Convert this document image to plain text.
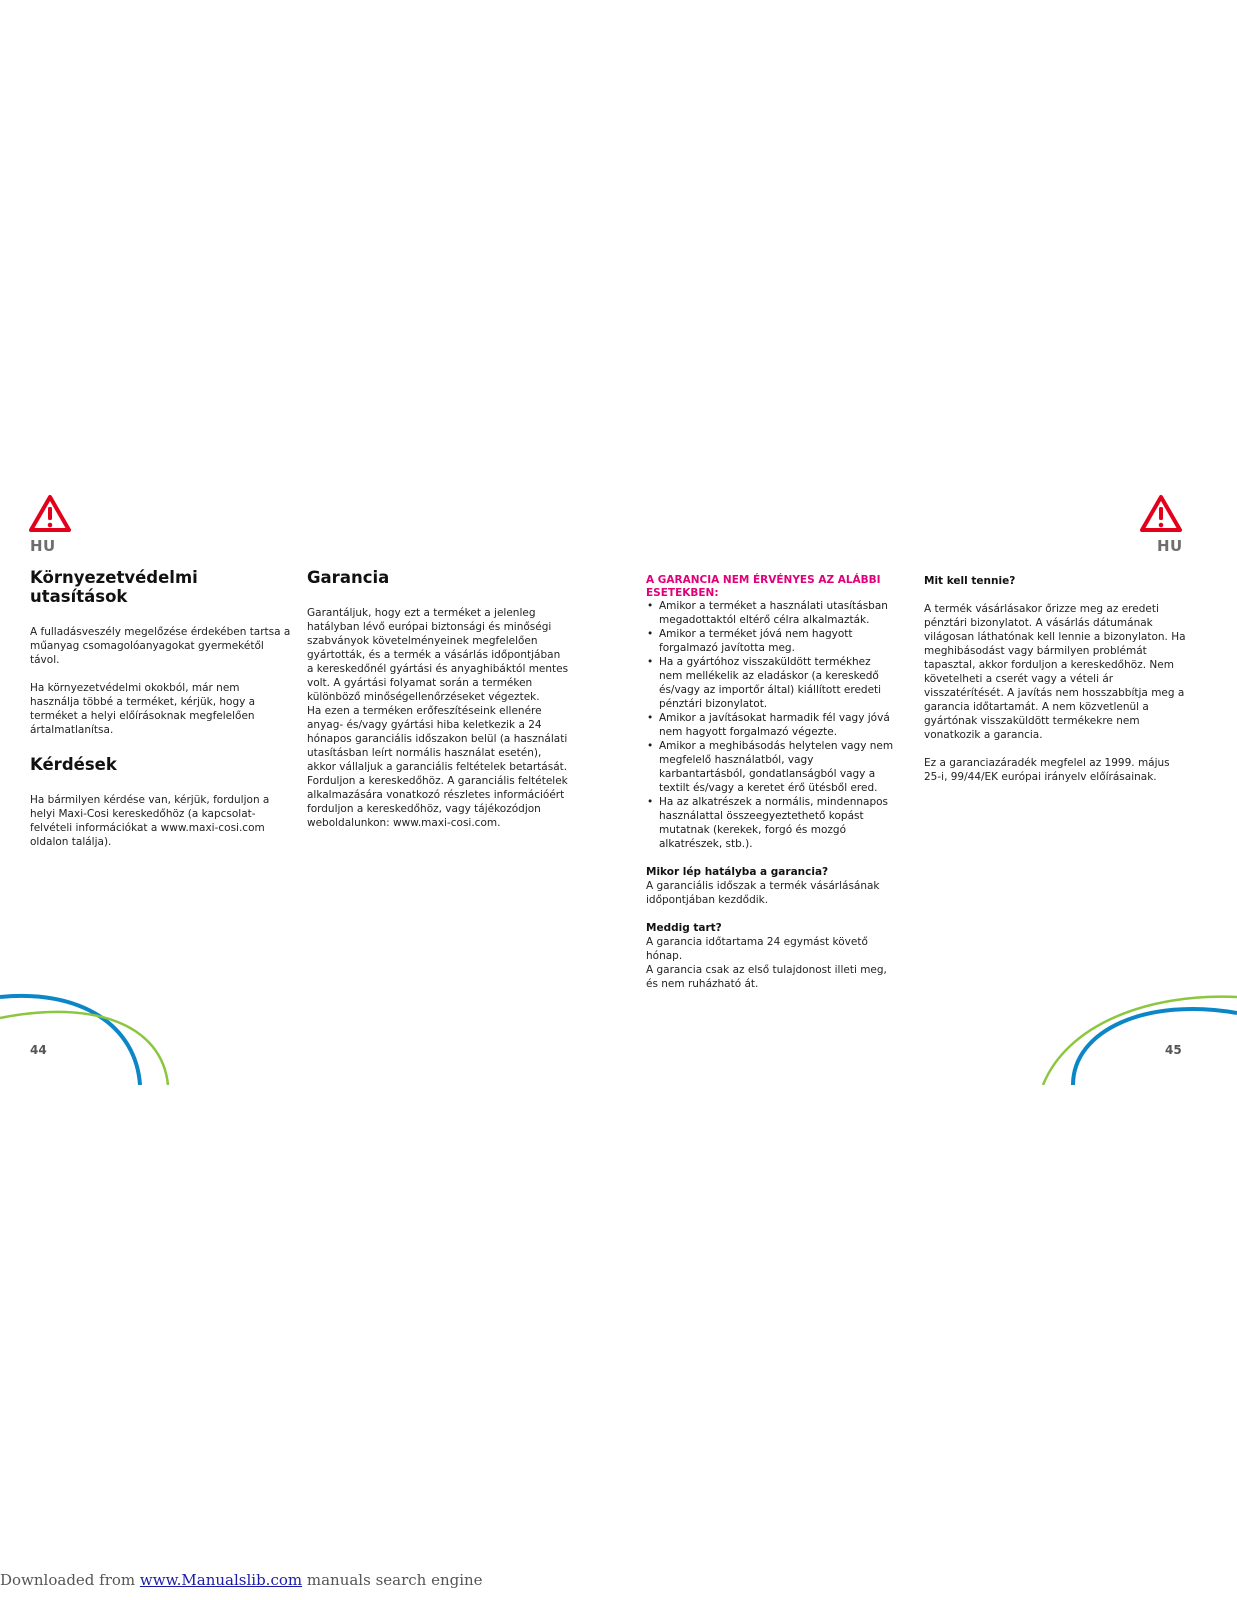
HU	HU
Környezetvédelmi utasítások

A fulladásveszély megelőzése érdekében tartsa a műanyag csomagolóanyagokat gyermekétől távol.

Ha környezetvédelmi okokból, már nem használja többé a terméket, kérjük, hogy a terméket a helyi előírásoknak megfelelően ártalmatlanítsa.

Kérdések

Ha bármilyen kérdése van, kérjük, forduljon a helyi Maxi-Cosi kereskedőhöz (a kapcsolat-felvételi információkat a www.maxi-cosi.com oldalon találja).

Garancia

Garantáljuk, hogy ezt a terméket a jelenleg hatályban lévő európai biztonsági és minőségi szabványok követelményeinek megfelelően gyártották, és a termék a vásárlás időpontjában a kereskedőnél gyártási és anyaghibáktól mentes volt. A gyártási folyamat során a terméken különböző minőségellenőrzéseket végeztek.

Ha ezen a terméken erőfeszítéseink ellenére anyag- és/vagy gyártási hiba keletkezik a 24 hónapos garanciális időszakon belül (a használati utasításban leírt normális használat esetén), akkor vállaljuk a garanciális feltételek betartását. Forduljon a kereskedőhöz. A garanciális feltételek alkalmazására vonatkozó részletes információért forduljon a kereskedőhöz, vagy tájékozódjon weboldalunkon: www.maxi-cosi.com.

A GARANCIA NEM ÉRVÉNYES AZ ALÁBBI ESETEKBEN:
• Amikor a terméket a használati utasításban megadottaktól eltérő célra alkalmazták.
• Amikor a terméket jóvá nem hagyott forgalmazó javította meg.
• Ha a gyártóhoz visszaküldött termékhez nem mellékelik az eladáskor (a kereskedő és/vagy az importőr által) kiállított eredeti pénztári bizonylatot.
• Amikor a javításokat harmadik fél vagy jóvá nem hagyott forgalmazó végezte.
• Amikor a meghibásodás helytelen vagy nem megfelelő használatból, vagy karbantartásból, gondatlanságból vagy a textilt és/vagy a keretet érő ütésből ered.
• Ha az alkatrészek a normális, mindennapos használattal összeegyeztethető kopást mutatnak (kerekek, forgó és mozgó alkatrészek, stb.).
Mikor lép hatályba a garancia?
A garanciális időszak a termék vásárlásának időpontjában kezdődik.
Meddig tart?
A garancia időtartama 24 egymást követő hónap.
A garancia csak az első tulajdonost illeti meg, és nem ruházható át.
Mit kell tennie?

A termék vásárlásakor őrizze meg az eredeti pénztári bizonylatot. A vásárlás dátumának világosan láthatónak kell lennie a bizonylaton. Ha meghibásodást vagy bármilyen problémát tapasztal, akkor forduljon a kereskedőhöz. Nem követelheti a cserét vagy a vételi ár visszatérítését. A javítás nem hosszabbítja meg a garancia időtartamát. A nem közvetlenül a gyártónak visszaküldött termékekre nem vonatkozik a garancia.

Ez a garanciazáradék megfelel az 1999. május 25-i, 99/44/EK európai irányelv előírásainak.

44	45
Downloaded from www.Manualslib.com manuals search engine
